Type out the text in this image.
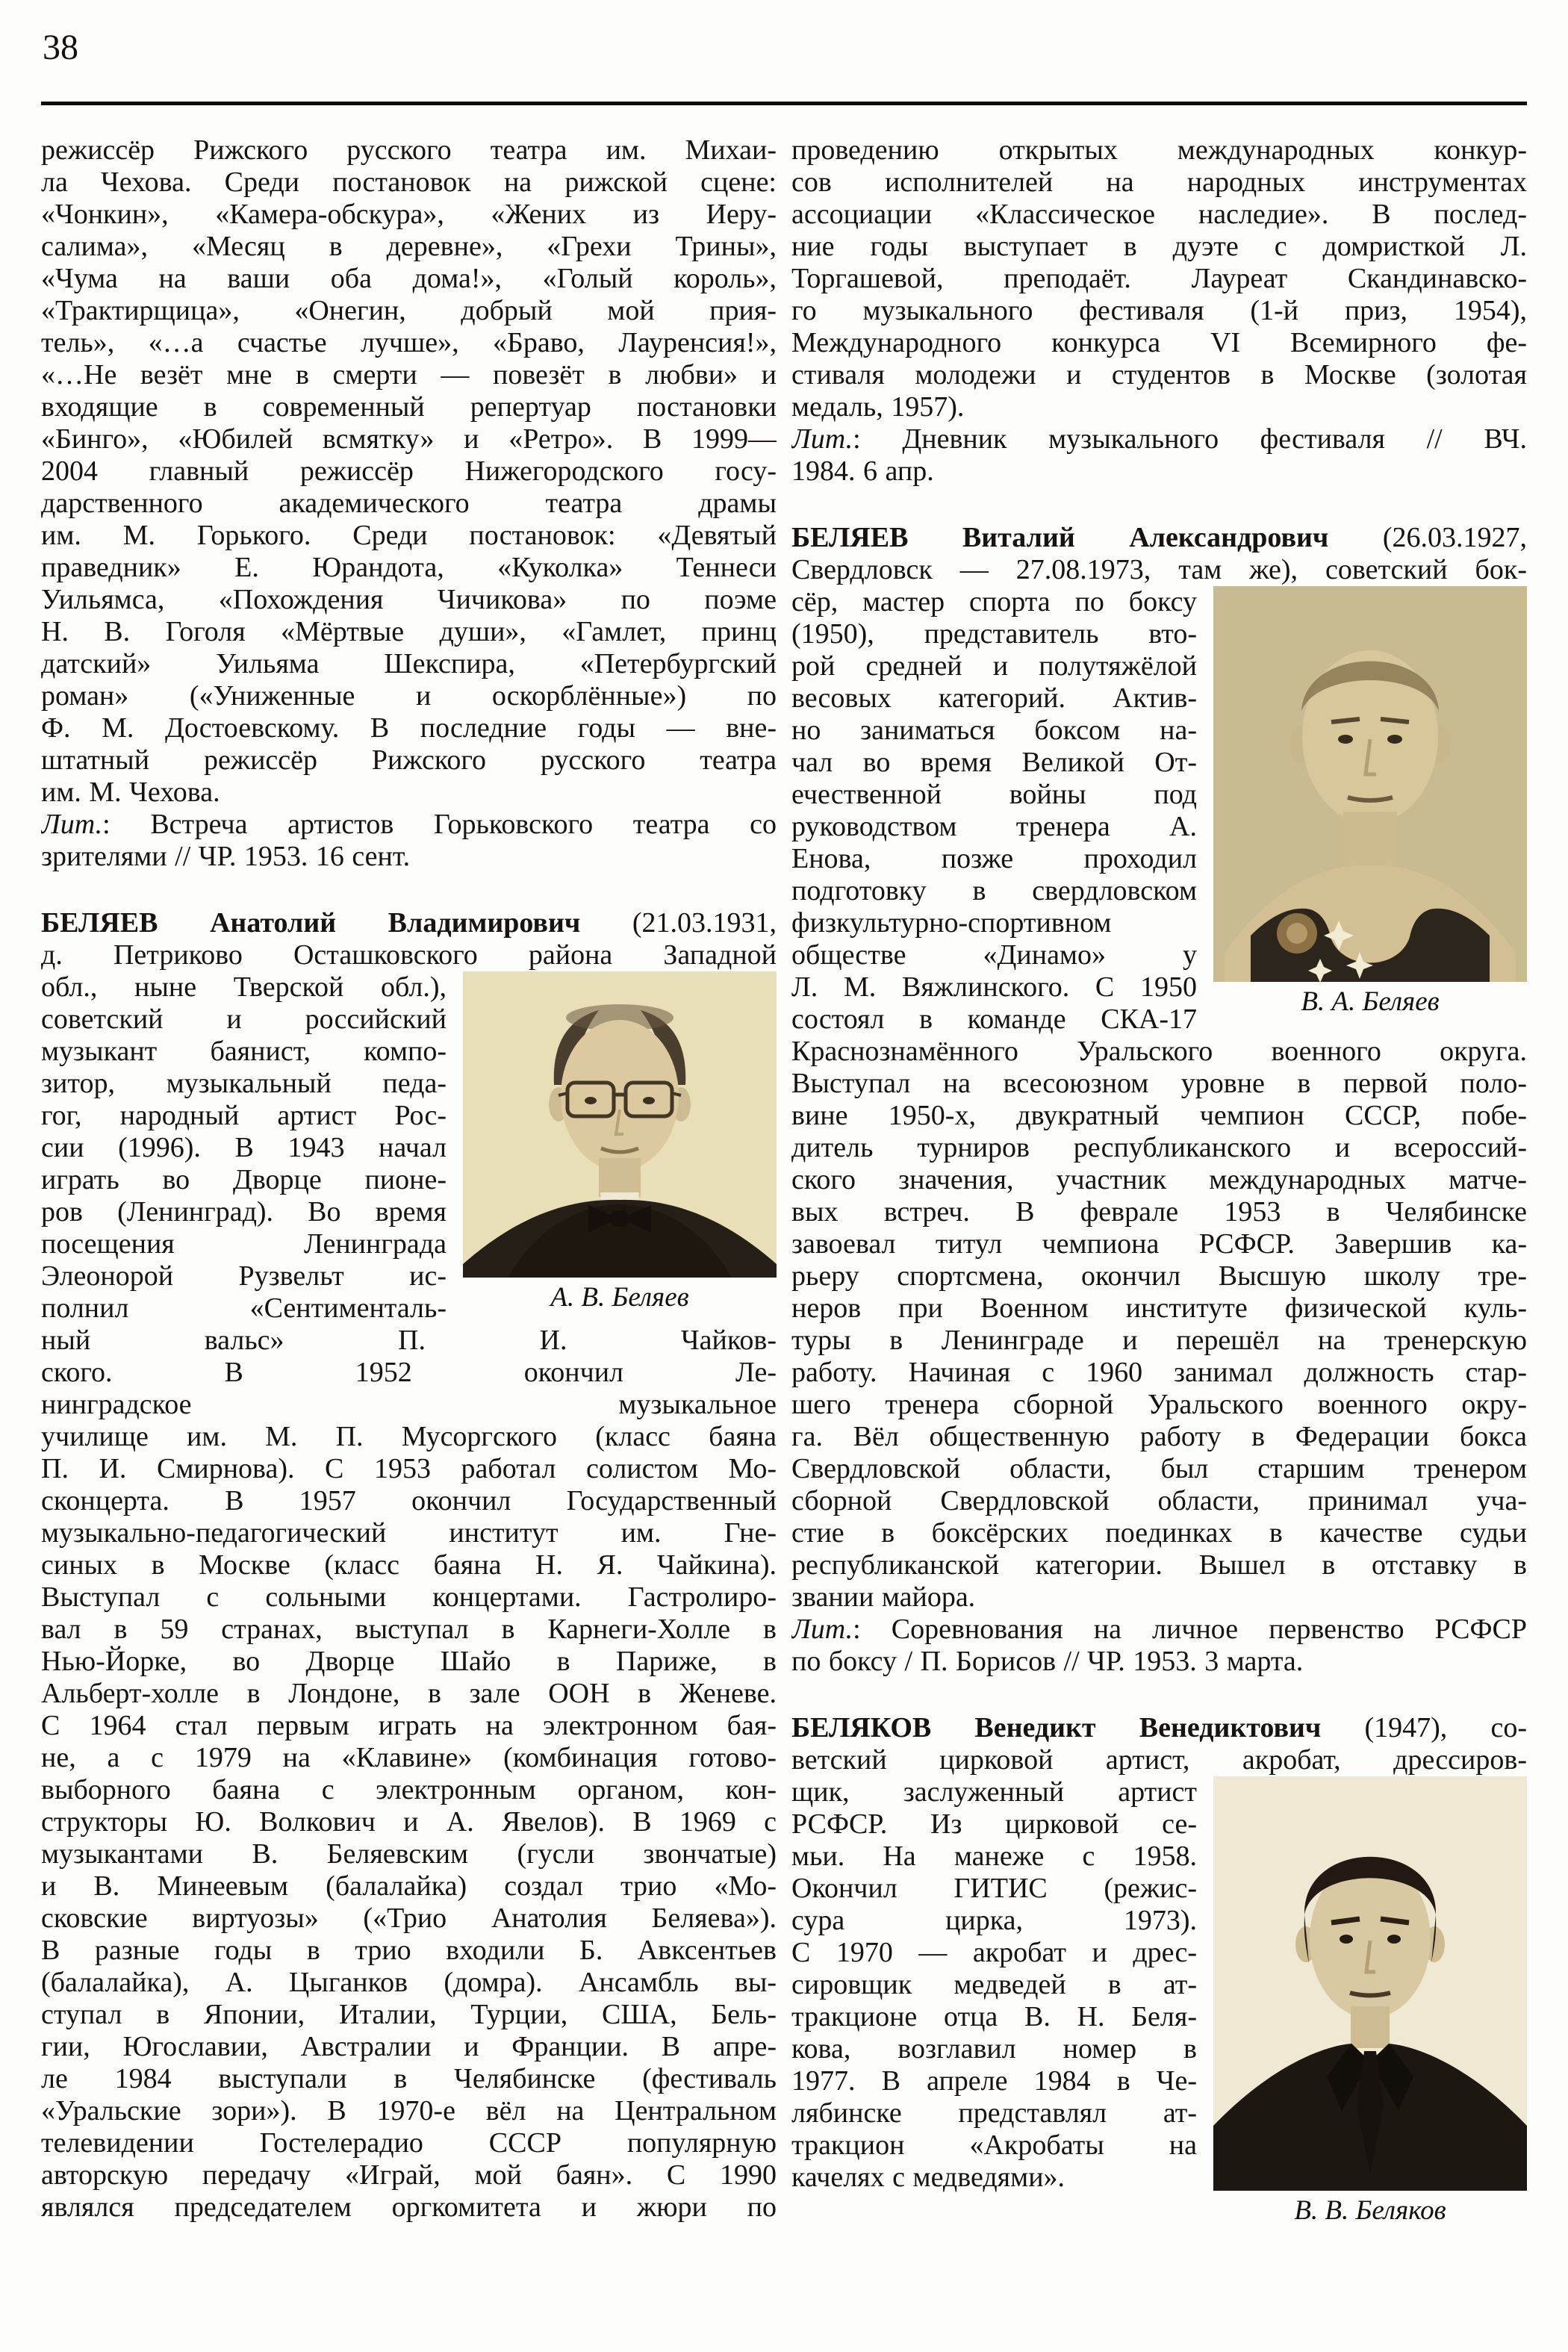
38
режиссёр Рижского русского театра им. Михаи-
ла Чехова. Среди постановок на рижской сцене:
«Чонкин», «Камера-обскура», «Жених из Иеру-
салима», «Месяц в деревне», «Грехи Трины»,
«Чума на ваши оба дома!», «Голый король»,
«Трактирщица», «Онегин, добрый мой прия-
тель», «…а счастье лучше», «Браво, Лауренсия!»,
«…Не везёт мне в смерти — повезёт в любви» и
входящие в современный репертуар постановки
«Бинго», «Юбилей всмятку» и «Ретро». В 1999—
2004 главный режиссёр Нижегородского госу-
дарственного академического театра драмы
им. М. Горького. Среди постановок: «Девятый
праведник» Е. Юрандота, «Куколка» Теннеси
Уильямса, «Похождения Чичикова» по поэме
Н. В. Гоголя «Мёртвые души», «Гамлет, принц
датский» Уильяма Шекспира, «Петербургский
роман» («Униженные и оскорблённые») по
Ф. М. Достоевскому. В последние годы — вне-
штатный режиссёр Рижского русского театра
им. М. Чехова.
Лит.: Встреча артистов Горьковского театра со
зрителями // ЧР. 1953. 16 сент.
БЕЛЯЕВ Анатолий Владимирович (21.03.1931,
д. Петриково Осташковского района Западной
А. В. Беляев
обл., ныне Тверской обл.),
советский и российский
музыкант баянист, компо-
зитор, музыкальный педа-
гог, народный артист Рос-
сии (1996). В 1943 начал
играть во Дворце пионе-
ров (Ленинград). Во время
посещения Ленинграда
Элеонорой Рузвельт ис-
полнил «Сентименталь-
ный вальс» П. И. Чайков-
ского. В 1952 окончил Ле-
нинградское музыкальное
училище им. М. П. Мусоргского (класс баяна
П. И. Смирнова). С 1953 работал солистом Мо-
сконцерта. В 1957 окончил Государственный
музыкально-педагогический институт им. Гне-
синых в Москве (класс баяна Н. Я. Чайкина).
Выступал с сольными концертами. Гастролиро-
вал в 59 странах, выступал в Карнеги-Холле в
Нью-Йорке, во Дворце Шайо в Париже, в
Альберт-холле в Лондоне, в зале ООН в Женеве.
С 1964 стал первым играть на электронном бая-
не, а с 1979 на «Клавине» (комбинация готово-
выборного баяна с электронным органом, кон-
структоры Ю. Волкович и А. Явелов). В 1969 с
музыкантами В. Беляевским (гусли звончатые)
и В. Минеевым (балалайка) создал трио «Мо-
сковские виртуозы» («Трио Анатолия Беляева»).
В разные годы в трио входили Б. Авксентьев
(балалайка), А. Цыганков (домра). Ансамбль вы-
ступал в Японии, Италии, Турции, США, Бель-
гии, Югославии, Австралии и Франции. В апре-
ле 1984 выступали в Челябинске (фестиваль
«Уральские зори»). В 1970-е вёл на Центральном
телевидении Гостелерадио СССР популярную
авторскую передачу «Играй, мой баян». С 1990
являлся председателем оргкомитета и жюри по
проведению открытых международных конкур-
сов исполнителей на народных инструментах
ассоциации «Классическое наследие». В послед-
ние годы выступает в дуэте с домристкой Л.
Торгашевой, преподаёт. Лауреат Скандинавско-
го музыкального фестиваля (1-й приз, 1954),
Международного конкурса VI Всемирного фе-
стиваля молодежи и студентов в Москве (золотая
медаль, 1957).
Лит.: Дневник музыкального фестиваля // ВЧ.
1984. 6 апр.
БЕЛЯЕВ Виталий Александрович (26.03.1927,
Свердловск — 27.08.1973, там же), советский бок-
В. А. Беляев
сёр, мастер спорта по боксу
(1950), представитель вто-
рой средней и полутяжёлой
весовых категорий. Актив-
но заниматься боксом на-
чал во время Великой От-
ечественной войны под
руководством тренера А.
Енова, позже проходил
подготовку в свердловском
физкультурно-спортивном
обществе «Динамо» у
Л. М. Вяжлинского. С 1950
состоял в команде СКА-17
Краснознамённого Уральского военного округа.
Выступал на всесоюзном уровне в первой поло-
вине 1950-х, двукратный чемпион СССР, побе-
дитель турниров республиканского и всероссий-
ского значения, участник международных матче-
вых встреч. В феврале 1953 в Челябинске
завоевал титул чемпиона РСФСР. Завершив ка-
рьеру спортсмена, окончил Высшую школу тре-
неров при Военном институте физической куль-
туры в Ленинграде и перешёл на тренерскую
работу. Начиная с 1960 занимал должность стар-
шего тренера сборной Уральского военного окру-
га. Вёл общественную работу в Федерации бокса
Свердловской области, был старшим тренером
сборной Свердловской области, принимал уча-
стие в боксёрских поединках в качестве судьи
республиканской категории. Вышел в отставку в
звании майора.
Лит.: Соревнования на личное первенство РСФСР
по боксу / П. Борисов // ЧР. 1953. 3 марта.
БЕЛЯКОВ Венедикт Венедиктович (1947), со-
ветский цирковой артист, акробат, дрессиров-
В. В. Беляков
щик, заслуженный артист
РСФСР. Из цирковой се-
мьи. На манеже с 1958.
Окончил ГИТИС (режис-
сура цирка, 1973).
С 1970 — акробат и дрес-
сировщик медведей в ат-
тракционе отца В. Н. Беля-
кова, возглавил номер в
1977. В апреле 1984 в Че-
лябинске представлял ат-
тракцион «Акробаты на
качелях с медведями».
